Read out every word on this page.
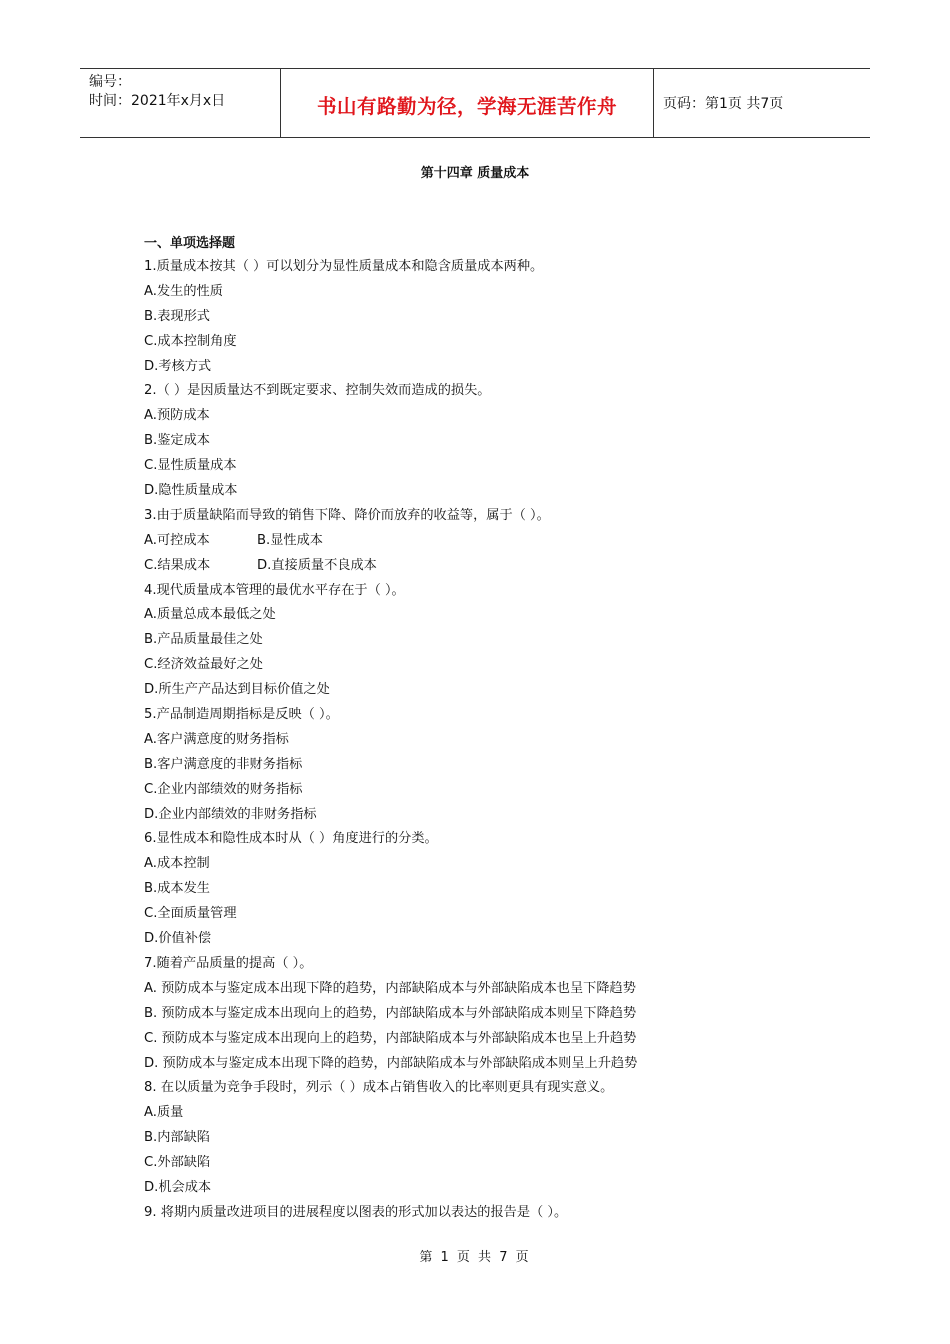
编号：
时间：2021年x月x日	书山有路勤为径，学海无涯苦作舟	页码：第1页 共7页
第十四章 质量成本
一、单项选择题
1.质量成本按其（ ）可以划分为显性质量成本和隐含质量成本两种。
A.发生的性质
B.表现形式
C.成本控制角度
D.考核方式
2.（ ）是因质量达不到既定要求、控制失效而造成的损失。
A.预防成本
B.鉴定成本
C.显性质量成本
D.隐性质量成本
3.由于质量缺陷而导致的销售下降、降价而放弃的收益等，属于（ ）。
A.可控成本	B.显性成本
C.结果成本	D.直接质量不良成本
4.现代质量成本管理的最优水平存在于（ ）。
A.质量总成本最低之处
B.产品质量最佳之处
C.经济效益最好之处
D.所生产产品达到目标价值之处
5.产品制造周期指标是反映（ ）。
A.客户满意度的财务指标
B.客户满意度的非财务指标
C.企业内部绩效的财务指标
D.企业内部绩效的非财务指标
6.显性成本和隐性成本时从（ ）角度进行的分类。
A.成本控制
B.成本发生
C.全面质量管理
D.价值补偿
7.随着产品质量的提高（ ）。
A. 预防成本与鉴定成本出现下降的趋势，内部缺陷成本与外部缺陷成本也呈下降趋势
B. 预防成本与鉴定成本出现向上的趋势，内部缺陷成本与外部缺陷成本则呈下降趋势
C. 预防成本与鉴定成本出现向上的趋势，内部缺陷成本与外部缺陷成本也呈上升趋势
D. 预防成本与鉴定成本出现下降的趋势，内部缺陷成本与外部缺陷成本则呈上升趋势
8. 在以质量为竞争手段时，列示（ ）成本占销售收入的比率则更具有现实意义。
A.质量
B.内部缺陷
C.外部缺陷
D.机会成本
9. 将期内质量改进项目的进展程度以图表的形式加以表达的报告是（ ）。
第 1 页 共 7 页
